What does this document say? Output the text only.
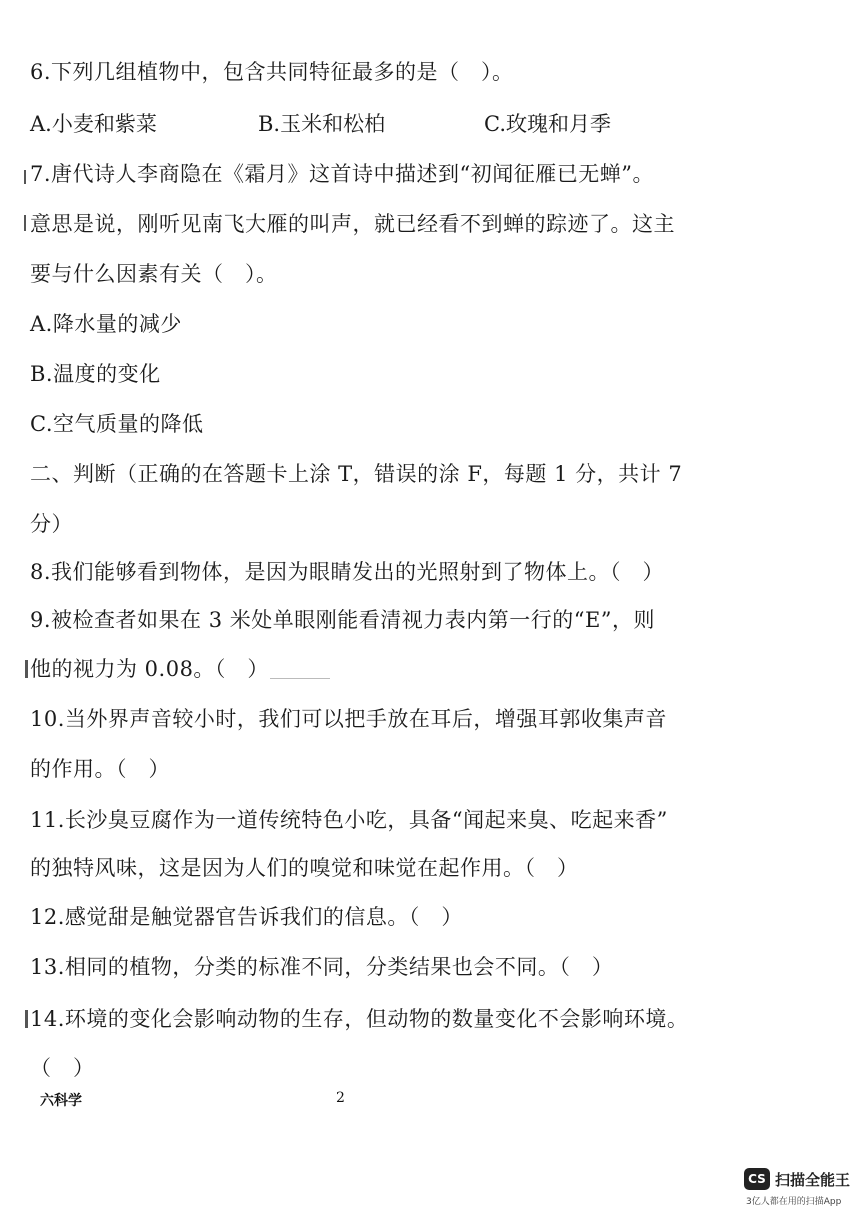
6.下列几组植物中，包含共同特征最多的是（　）。
A.小麦和紫菜	B.玉米和松柏	C.玫瑰和月季
7.唐代诗人李商隐在《霜月》这首诗中描述到“初闻征雁已无蝉”。
意思是说，刚听见南飞大雁的叫声，就已经看不到蝉的踪迹了。这主
要与什么因素有关（　）。
A.降水量的减少
B.温度的变化
C.空气质量的降低
二、判断（正确的在答题卡上涂 T，错误的涂 F，每题 1 分，共计 7
分）
8.我们能够看到物体，是因为眼睛发出的光照射到了物体上。（　）
9.被检查者如果在 3 米处单眼刚能看清视力表内第一行的“E”，则
他的视力为 0.08。（　）
10.当外界声音较小时，我们可以把手放在耳后，增强耳郭收集声音
的作用。（　）
11.长沙臭豆腐作为一道传统特色小吃，具备“闻起来臭、吃起来香”
的独特风味，这是因为人们的嗅觉和味觉在起作用。（　）
12.感觉甜是触觉器官告诉我们的信息。（　）
13.相同的植物，分类的标准不同，分类结果也会不同。（　）
14.环境的变化会影响动物的生存，但动物的数量变化不会影响环境。
（　）
六科学	2
CS 扫描全能王
3亿人都在用的扫描App
